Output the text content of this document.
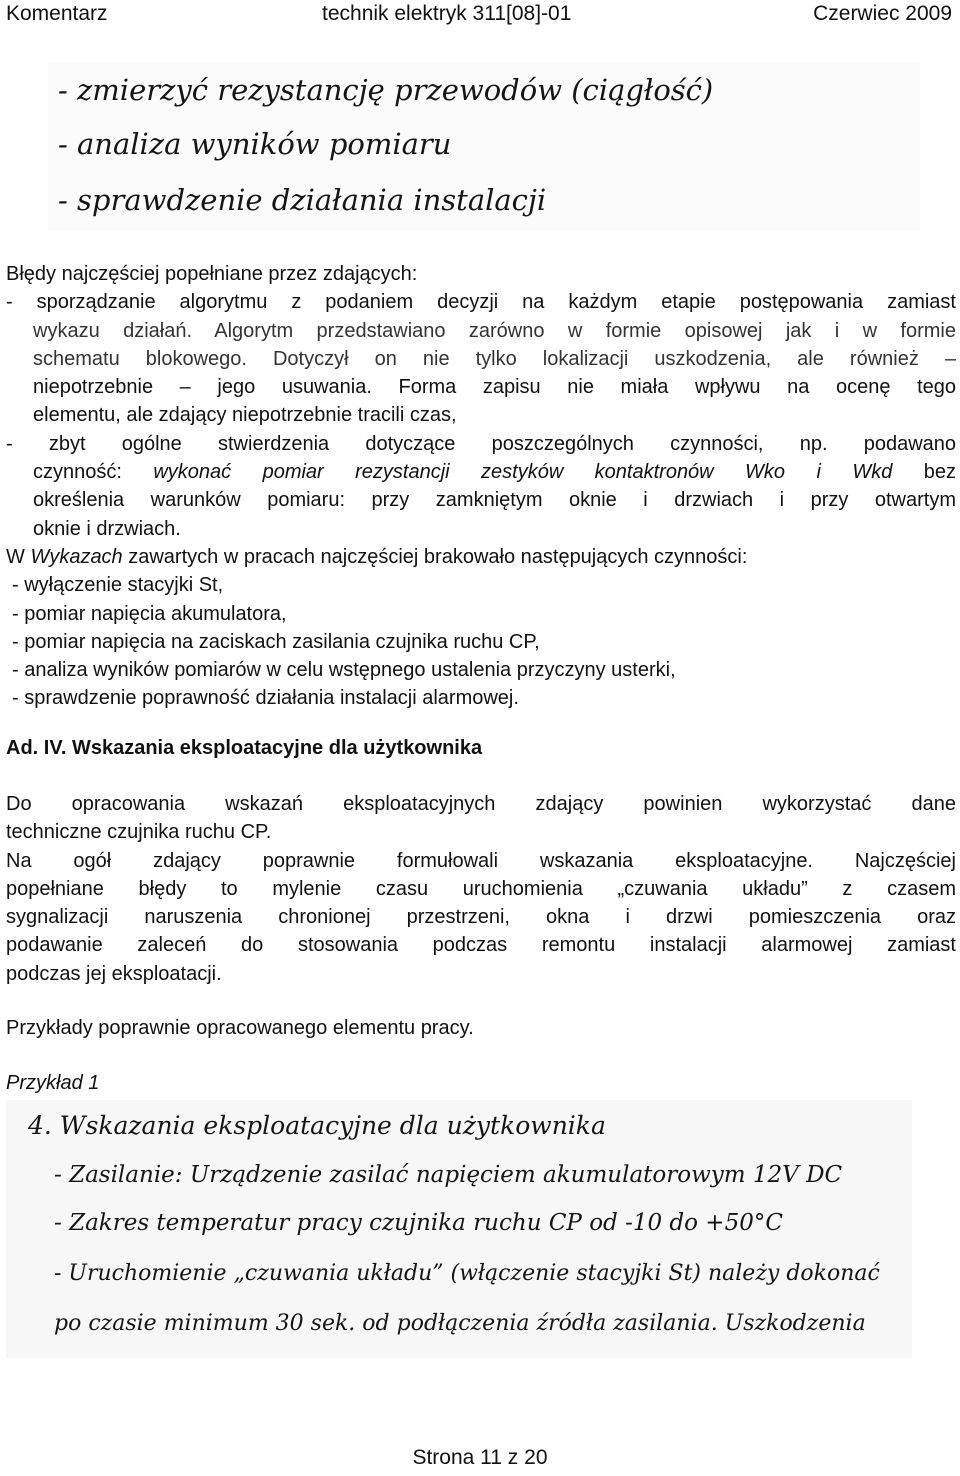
Komentarz	technik elektryk 311[08]-01	Czerwiec 2009
- zmierzyć rezystancję przewodów (ciągłość)
- analiza wyników pomiaru
- sprawdzenie działania instalacji

Błędy najczęściej popełniane przez zdających:

- sporządzanie algorytmu z podaniem decyzji na każdym etapie postępowania zamiast

wykazu działań. Algorytm przedstawiano zarówno w formie opisowej jak i w formie

schematu blokowego. Dotyczył on nie tylko lokalizacji uszkodzenia, ale również –

niepotrzebnie – jego usuwania. Forma zapisu nie miała wpływu na ocenę tego

elementu, ale zdający niepotrzebnie tracili czas,

- zbyt ogólne stwierdzenia dotyczące poszczególnych czynności, np. podawano

czynność: wykonać pomiar rezystancji zestyków kontaktronów Wko i Wkd bez

określenia warunków pomiaru: przy zamkniętym oknie i drzwiach i przy otwartym

oknie i drzwiach.

W Wykazach zawartych w pracach najczęściej brakowało następujących czynności:

- wyłączenie stacyjki St,

- pomiar napięcia akumulatora,

- pomiar napięcia na zaciskach zasilania czujnika ruchu CP,

- analiza wyników pomiarów w celu wstępnego ustalenia przyczyny usterki,

- sprawdzenie poprawność działania instalacji alarmowej.

Ad. IV. Wskazania eksploatacyjne dla użytkownika

Do opracowania wskazań eksploatacyjnych zdający powinien wykorzystać dane

techniczne czujnika ruchu CP.

Na ogół zdający poprawnie formułowali wskazania eksploatacyjne. Najczęściej

popełniane błędy to mylenie czasu uruchomienia „czuwania układu” z czasem

sygnalizacji naruszenia chronionej przestrzeni, okna i drzwi pomieszczenia oraz

podawanie zaleceń do stosowania podczas remontu instalacji alarmowej zamiast

podczas jej eksploatacji.

Przykłady poprawnie opracowanego elementu pracy.

Przykład 1

4. Wskazania eksploatacyjne dla użytkownika
- Zasilanie: Urządzenie zasilać napięciem akumulatorowym 12V DC
- Zakres temperatur pracy czujnika ruchu CP od -10 do +50°C
- Uruchomienie „czuwania układu” (włączenie stacyjki St) należy dokonać
po czasie minimum 30 sek. od podłączenia źródła zasilania. Uszkodzenia
Strona 11 z 20
